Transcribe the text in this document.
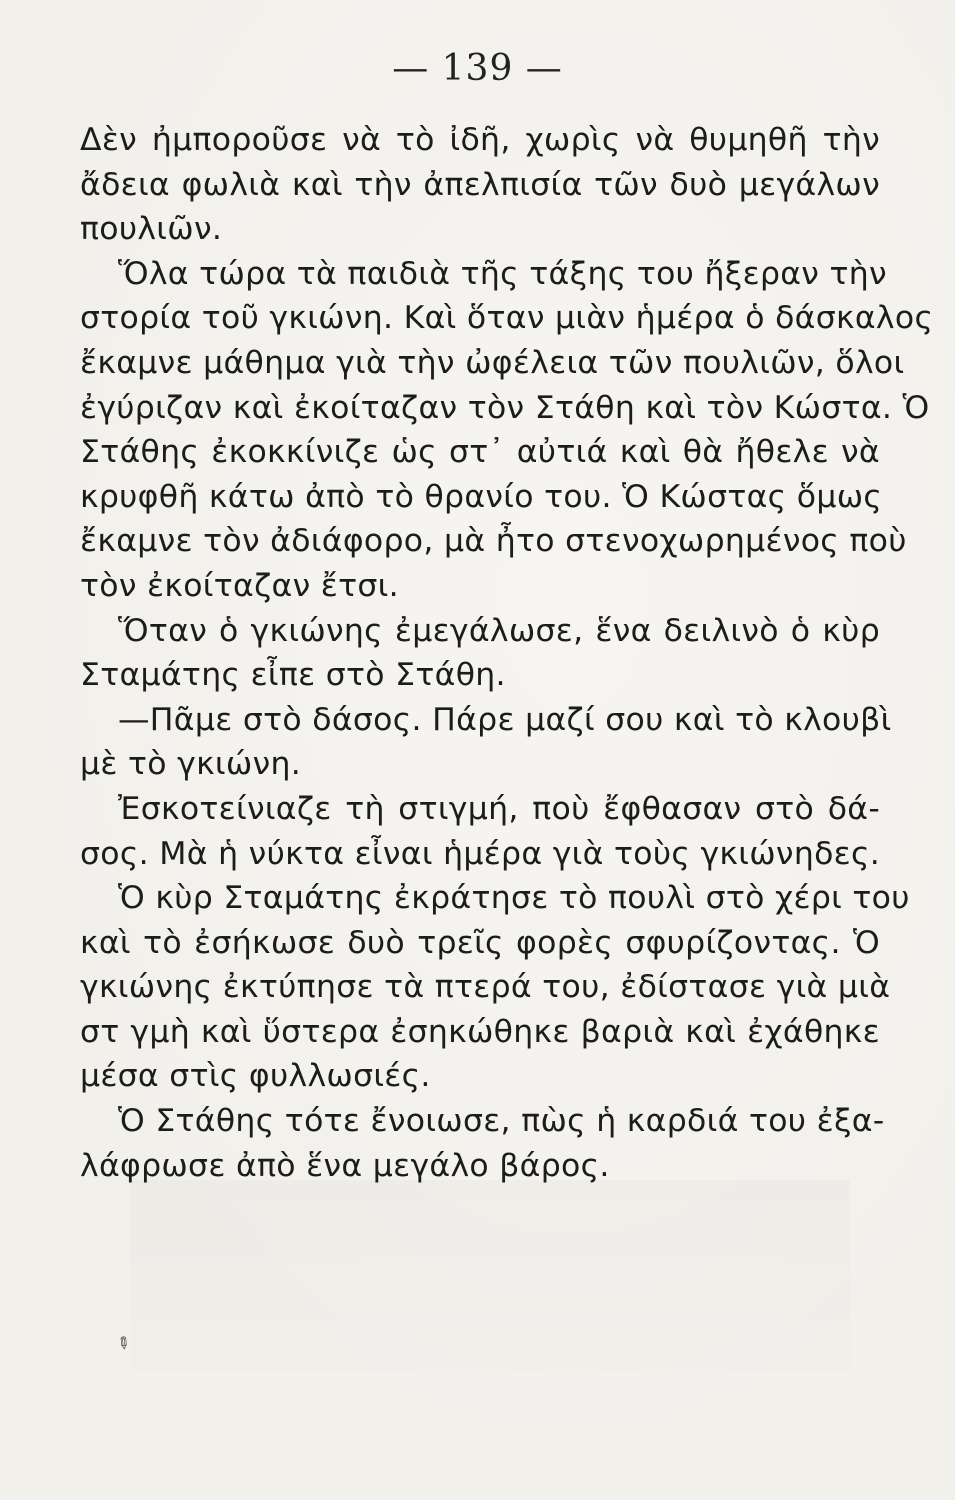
✎
— 139 —
Δὲν ἠμποροῦσε νὰ τὸ ἰδῆ, χωρὶς νὰ θυμηθῆ τὴν
ἄδεια φωλιὰ καὶ τὴν ἀπελπισία τῶν δυὸ μεγάλων
πουλιῶν.
Ὅλα τώρα τὰ παιδιὰ τῆς τάξης του ἤξεραν τὴν
στορία τοῦ γκιώνη. Καὶ ὅταν μιὰν ἡμέρα ὁ δάσκαλος
ἔκαμνε μάθημα γιὰ τὴν ὠφέλεια τῶν πουλιῶν, ὅλοι
ἐγύριζαν καὶ ἐκοίταζαν τὸν Στάθη καὶ τὸν Κώστα. Ὁ
Στάθης ἐκοκκίνιζε ὡς στ᾽ αὐτιά καὶ θὰ ἤθελε νὰ
κρυφθῆ κάτω ἀπὸ τὸ θρανίο του. Ὁ Κώστας ὅμως
ἔκαμνε τὸν ἀδιάφορο, μὰ ἦτο στενοχωρημένος ποὺ
τὸν ἐκοίταζαν ἔτσι.
Ὅταν ὁ γκιώνης ἐμεγάλωσε, ἕνα δειλινὸ ὁ κὺρ
Σταμάτης εἶπε στὸ Στάθη.
—Πᾶμε στὸ δάσος. Πάρε μαζί σου καὶ τὸ κλουβὶ
μὲ τὸ γκιώνη.
Ἐσκοτείνιαζε τὴ στιγμή, ποὺ ἔφθασαν στὸ δά-
σος. Μὰ ἡ νύκτα εἶναι ἡμέρα γιὰ τοὺς γκιώνηδες.
Ὁ κὺρ Σταμάτης ἐκράτησε τὸ πουλὶ στὸ χέρι του
καὶ τὸ ἐσήκωσε δυὸ τρεῖς φορὲς σφυρίζοντας. Ὁ
γκιώνης ἐκτύπησε τὰ πτερά του, ἐδίστασε γιὰ μιὰ
στ γμὴ καὶ ὕστερα ἐσηκώθηκε βαριὰ καὶ ἐχάθηκε
μέσα στὶς φυλλωσιές.
Ὁ Στάθης τότε ἔνοιωσε, πὼς ἡ καρδιά του ἐξα-
λάφρωσε ἀπὸ ἕνα μεγάλο βάρος.
